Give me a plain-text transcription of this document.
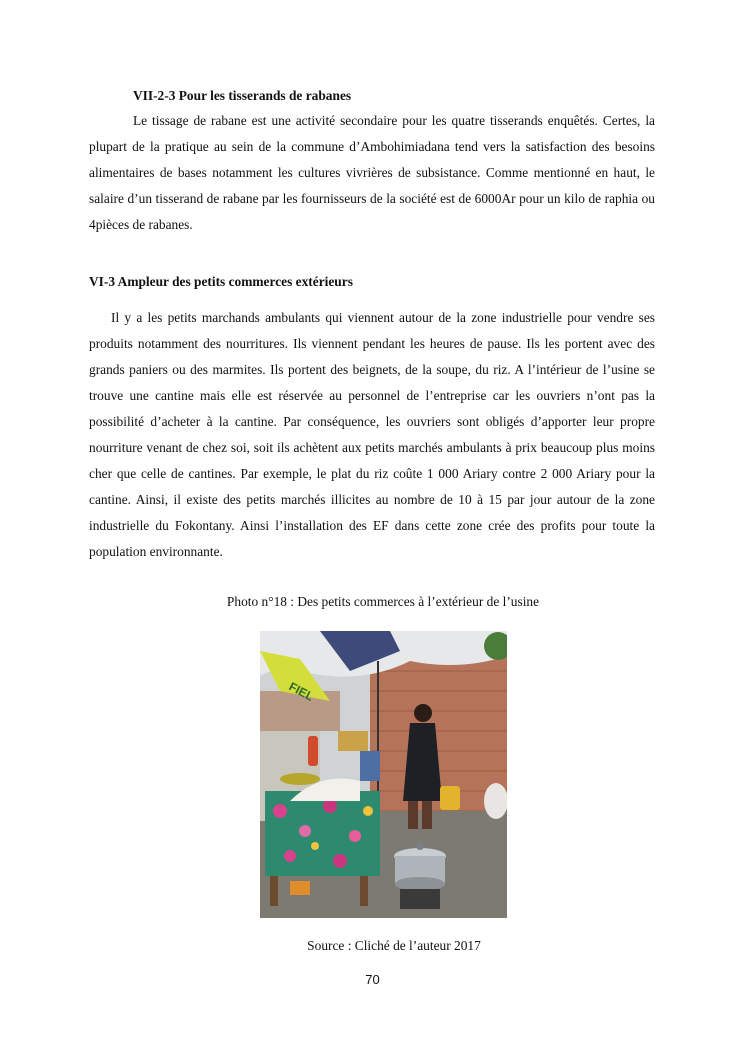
VII-2-3 Pour les tisserands de rabanes

Le tissage de rabane est une activité secondaire pour les quatre tisserands enquêtés. Certes, la plupart de la pratique au sein de la commune d’Ambohimiadana tend vers la satisfaction des besoins alimentaires de bases notamment les cultures vivrières de subsistance. Comme mentionné en haut, le salaire d’un tisserand de rabane par les fournisseurs de la société est de 6000Ar pour un kilo de raphia ou 4pièces de rabanes.

VI-3 Ampleur des petits commerces extérieurs

Il y a les petits marchands ambulants qui viennent autour de la zone industrielle pour vendre ses produits notamment des nourritures. Ils viennent pendant les heures de pause. Ils les portent avec des grands paniers ou des marmites. Ils portent des beignets, de la soupe, du riz. A l’intérieur de l’usine se trouve une cantine mais elle est réservée au personnel de l’entreprise car les ouvriers n’ont pas la possibilité d’acheter à la cantine. Par conséquence, les ouvriers sont obligés d’apporter leur propre nourriture venant de chez soi, soit ils achètent aux petits marchés ambulants à prix beaucoup plus moins cher que celle de cantines. Par exemple, le plat du riz coûte 1 000 Ariary contre 2 000 Ariary pour la cantine. Ainsi, il existe des petits marchés illicites au nombre de 10 à 15 par jour autour de la zone industrielle du Fokontany. Ainsi l’installation des EF dans cette zone crée des profits pour toute la population environnante.

Photo n°18 : Des petits commerces à l’extérieur de l’usine
FIEL
Source : Cliché de l’auteur 2017
70
